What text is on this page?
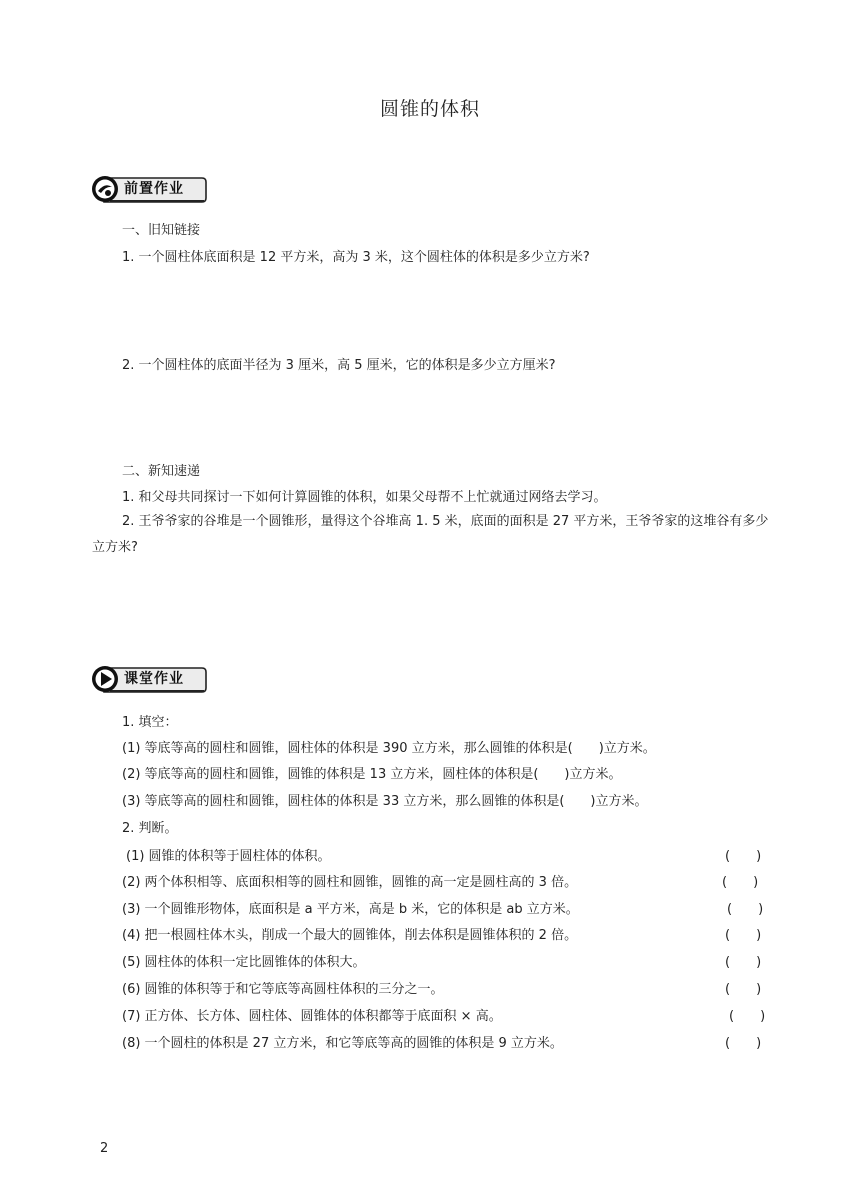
圆锥的体积
前置作业
一、旧知链接
1. 一个圆柱体底面积是 12 平方米，高为 3 米，这个圆柱体的体积是多少立方米?
2. 一个圆柱体的底面半径为 3 厘米，高 5 厘米，它的体积是多少立方厘米?
二、新知速递
1. 和父母共同探讨一下如何计算圆锥的体积，如果父母帮不上忙就通过网络去学习。
2. 王爷爷家的谷堆是一个圆锥形，量得这个谷堆高 1. 5 米，底面的面积是 27 平方米，王爷爷家的这堆谷有多少立方米?
课堂作业
1. 填空：
(1) 等底等高的圆柱和圆锥，圆柱体的体积是 390 立方米，那么圆锥的体积是(　　)立方米。
(2) 等底等高的圆柱和圆锥，圆锥的体积是 13 立方米，圆柱体的体积是(　　)立方米。
(3) 等底等高的圆柱和圆锥，圆柱体的体积是 33 立方米，那么圆锥的体积是(　　)立方米。
2. 判断。
(1) 圆锥的体积等于圆柱体的体积。	(　　)
(2) 两个体积相等、底面积相等的圆柱和圆锥，圆锥的高一定是圆柱高的 3 倍。	(　　)
(3) 一个圆锥形物体，底面积是 a 平方米，高是 b 米，它的体积是 ab 立方米。	(　　)
(4) 把一根圆柱体木头，削成一个最大的圆锥体，削去体积是圆锥体积的 2 倍。	(　　)
(5) 圆柱体的体积一定比圆锥体的体积大。	(　　)
(6) 圆锥的体积等于和它等底等高圆柱体积的三分之一。	(　　)
(7) 正方体、长方体、圆柱体、圆锥体的体积都等于底面积 × 高。	(　　)
(8) 一个圆柱的体积是 27 立方米，和它等底等高的圆锥的体积是 9 立方米。	(　　)
2
